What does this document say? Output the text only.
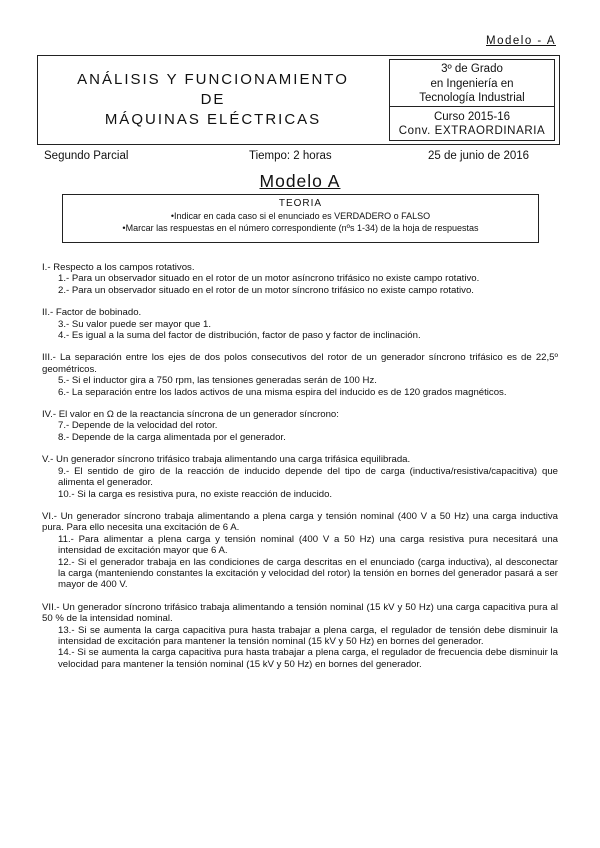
Modelo - A
ANÁLISIS Y FUNCIONAMIENTO
DE
MÁQUINAS ELÉCTRICAS
3º de Grado
en Ingeniería en
Tecnología Industrial
Curso 2015-16
Conv. EXTRAORDINARIA
Segundo Parcial	Tiempo: 2 horas	25 de junio de 2016
Modelo A
TEORIA
•Indicar en cada caso si el enunciado es VERDADERO o FALSO
•Marcar las respuestas en el número correspondiente (nºs 1-34) de la hoja de respuestas
I.- Respecto a los campos rotativos.
1.- Para un observador situado en el rotor de un motor asíncrono trifásico no existe campo rotativo.
2.- Para un observador situado en el rotor de un motor síncrono trifásico no existe campo rotativo.
II.- Factor de bobinado.
3.- Su valor puede ser mayor que 1.
4.- Es igual a la suma del factor de distribución, factor de paso y factor de inclinación.
III.- La separación entre los ejes de dos polos consecutivos del rotor de un generador síncrono trifásico es de 22,5º geométricos.
5.- Si el inductor gira a 750 rpm, las tensiones generadas serán de 100 Hz.
6.- La separación entre los lados activos de una misma espira del inducido es de 120 grados magnéticos.
IV.- El valor en Ω de la reactancia síncrona de un generador síncrono:
7.- Depende de la velocidad del rotor.
8.- Depende de la carga alimentada por el generador.
V.- Un generador síncrono trifásico trabaja alimentando una carga trifásica equilibrada.
9.- El sentido de giro de la reacción de inducido depende del tipo de carga (inductiva/resistiva/capacitiva) que alimenta el generador.
10.- Si la carga es resistiva pura, no existe reacción de inducido.
VI.- Un generador síncrono trabaja alimentando a plena carga y tensión nominal (400 V a 50 Hz) una carga inductiva pura. Para ello necesita una excitación de 6 A.
11.- Para alimentar a plena carga y tensión nominal (400 V a 50 Hz) una carga resistiva pura necesitará una intensidad de excitación mayor que 6 A.
12.- Si el generador trabaja en las condiciones de carga descritas en el enunciado (carga inductiva), al desconectar la carga (manteniendo constantes la excitación y velocidad del rotor) la tensión en bornes del generador pasará a ser mayor de 400 V.
VII.- Un generador síncrono trifásico trabaja alimentando a tensión nominal (15 kV y 50 Hz) una carga capacitiva pura al 50 % de la intensidad nominal.
13.- Si se aumenta la carga capacitiva pura hasta trabajar a plena carga, el regulador de tensión debe disminuir la intensidad de excitación para mantener la tensión nominal (15 kV y 50 Hz) en bornes del generador.
14.- Si se aumenta la carga capacitiva pura hasta trabajar a plena carga, el regulador de frecuencia debe disminuir la velocidad para mantener la tensión nominal (15 kV y 50 Hz) en bornes del generador.
